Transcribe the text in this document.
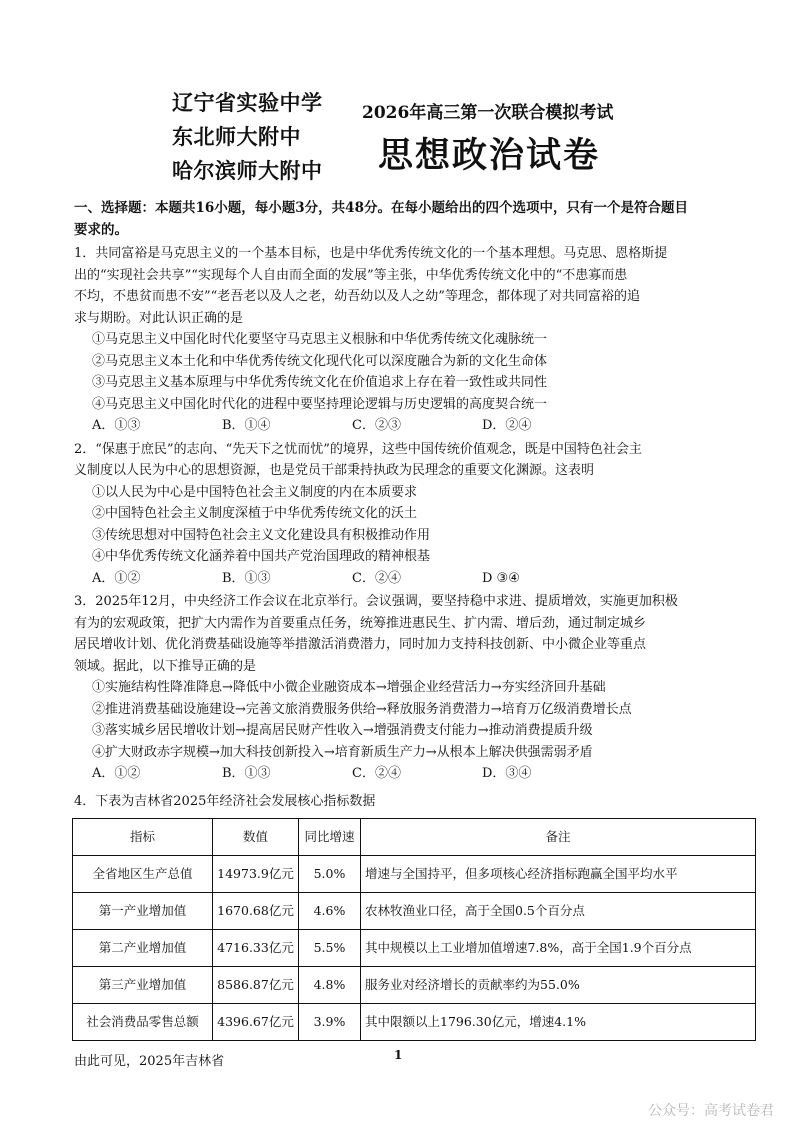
辽宁省实验中学
东北师大附中
哈尔滨师大附中
2026年高三第一次联合模拟考试
思想政治试卷
一、选择题：本题共16小题，每小题3分，共48分。在每小题给出的四个选项中，只有一个是符合题目
要求的。
1．共同富裕是马克思主义的一个基本目标，也是中华优秀传统文化的一个基本理想。马克思、恩格斯提
出的“实现社会共享”“实现每个人自由而全面的发展”等主张，中华优秀传统文化中的“不患寡而患
不均，不患贫而患不安”“老吾老以及人之老，幼吾幼以及人之幼”等理念，都体现了对共同富裕的追
求与期盼。对此认识正确的是
①马克思主义中国化时代化要坚守马克思主义根脉和中华优秀传统文化魂脉统一
②马克思主义本土化和中华优秀传统文化现代化可以深度融合为新的文化生命体
③马克思主义基本原理与中华优秀传统文化在价值追求上存在着一致性或共同性
④马克思主义中国化时代化的进程中要坚持理论逻辑与历史逻辑的高度契合统一
A．①③	B．①④	C．②③	D．②④
2．“保惠于庶民”的志向、“先天下之忧而忧”的境界，这些中国传统价值观念，既是中国特色社会主
义制度以人民为中心的思想资源，也是党员干部秉持执政为民理念的重要文化渊源。这表明
①以人民为中心是中国特色社会主义制度的内在本质要求
②中国特色社会主义制度深植于中华优秀传统文化的沃土
③传统思想对中国特色社会主义文化建设具有积极推动作用
④中华优秀传统文化涵养着中国共产党治国理政的精神根基
A．①②	B．①③	C．②④	D ③④
3．2025年12月，中央经济工作会议在北京举行。会议强调，要坚持稳中求进、提质增效，实施更加积极
有为的宏观政策，把扩大内需作为首要重点任务，统筹推进惠民生、扩内需、增后劲，通过制定城乡
居民增收计划、优化消费基础设施等举措激活消费潜力，同时加力支持科技创新、中小微企业等重点
领域。据此，以下推导正确的是
①实施结构性降准降息→降低中小微企业融资成本→增强企业经营活力→夯实经济回升基础
②推进消费基础设施建设→完善文旅消费服务供给→释放服务消费潜力→培育万亿级消费增长点
③落实城乡居民增收计划→提高居民财产性收入→增强消费支付能力→推动消费提质升级
④扩大财政赤字规模→加大科技创新投入→培育新质生产力→从根本上解决供强需弱矛盾
A．①②	B．①③	C．②④	D．③④
4．下表为吉林省2025年经济社会发展核心指标数据
指标	数值	同比增速	备注
全省地区生产总值	14973.9亿元	5.0%	增速与全国持平，但多项核心经济指标跑赢全国平均水平
第一产业增加值	1670.68亿元	4.6%	农林牧渔业口径，高于全国0.5个百分点
第二产业增加值	4716.33亿元	5.5%	其中规模以上工业增加值增速7.8%，高于全国1.9个百分点
第三产业增加值	8586.87亿元	4.8%	服务业对经济增长的贡献率约为55.0%
社会消费品零售总额	4396.67亿元	3.9%	其中限额以上1796.30亿元，增速4.1%
由此可见，2025年吉林省	1
公众号：高考试卷君
